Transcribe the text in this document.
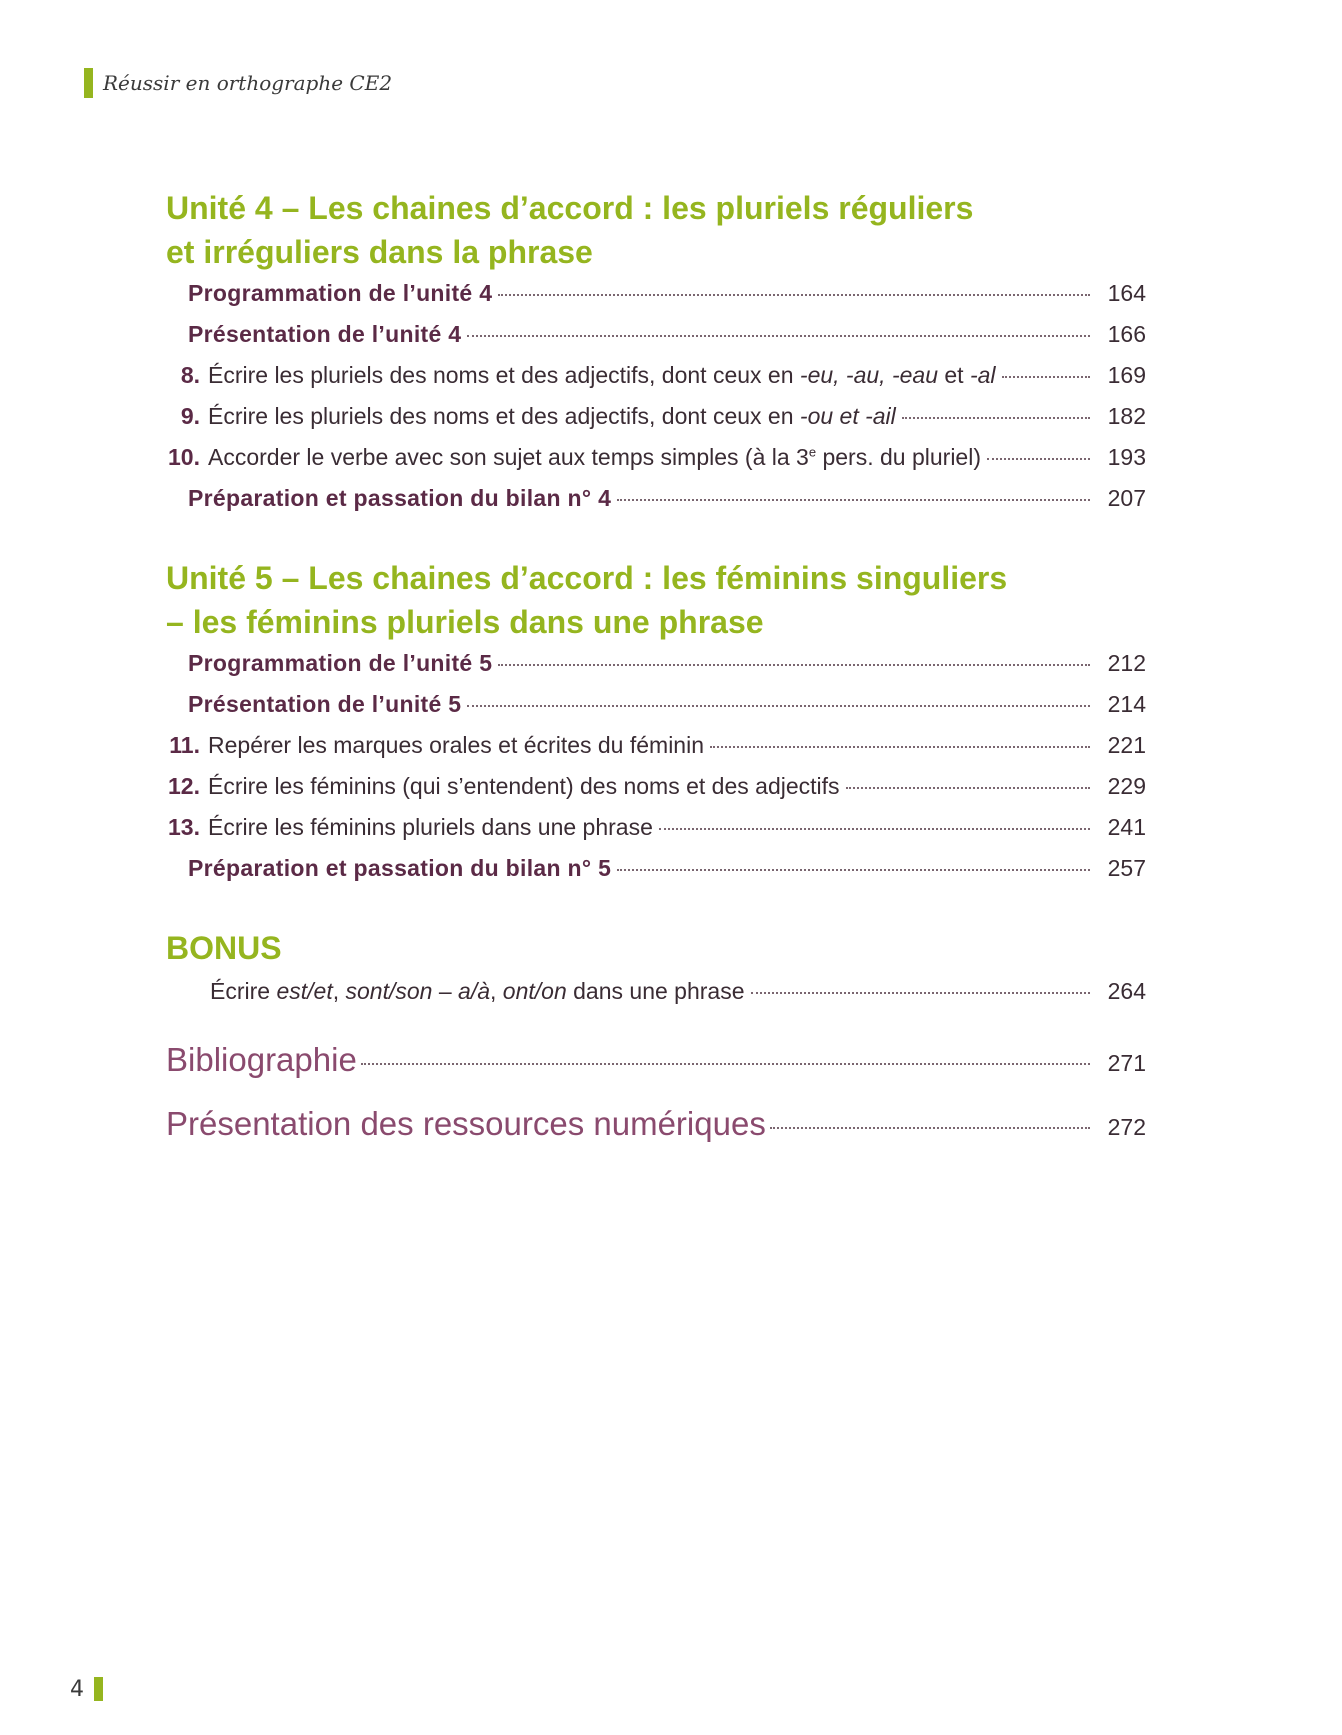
Réussir en orthographe CE2
Unité 4 – Les chaines d’accord : les pluriels réguliers
et irréguliers dans la phrase
Programmation de l’unité 4	164
Présentation de l’unité 4	166
8. Écrire les pluriels des noms et des adjectifs, dont ceux en -eu, -au, -eau et -al	169
9. Écrire les pluriels des noms et des adjectifs, dont ceux en -ou et -ail	182
10. Accorder le verbe avec son sujet aux temps simples (à la 3e pers. du pluriel)	193
Préparation et passation du bilan n° 4	207
Unité 5 – Les chaines d’accord : les féminins singuliers
– les féminins pluriels dans une phrase
Programmation de l’unité 5	212
Présentation de l’unité 5	214
11. Repérer les marques orales et écrites du féminin	221
12. Écrire les féminins (qui s’entendent) des noms et des adjectifs	229
13. Écrire les féminins pluriels dans une phrase	241
Préparation et passation du bilan n° 5	257
BONUS
Écrire est/et, sont/son – a/à, ont/on dans une phrase	264
Bibliographie	271
Présentation des ressources numériques	272
4
